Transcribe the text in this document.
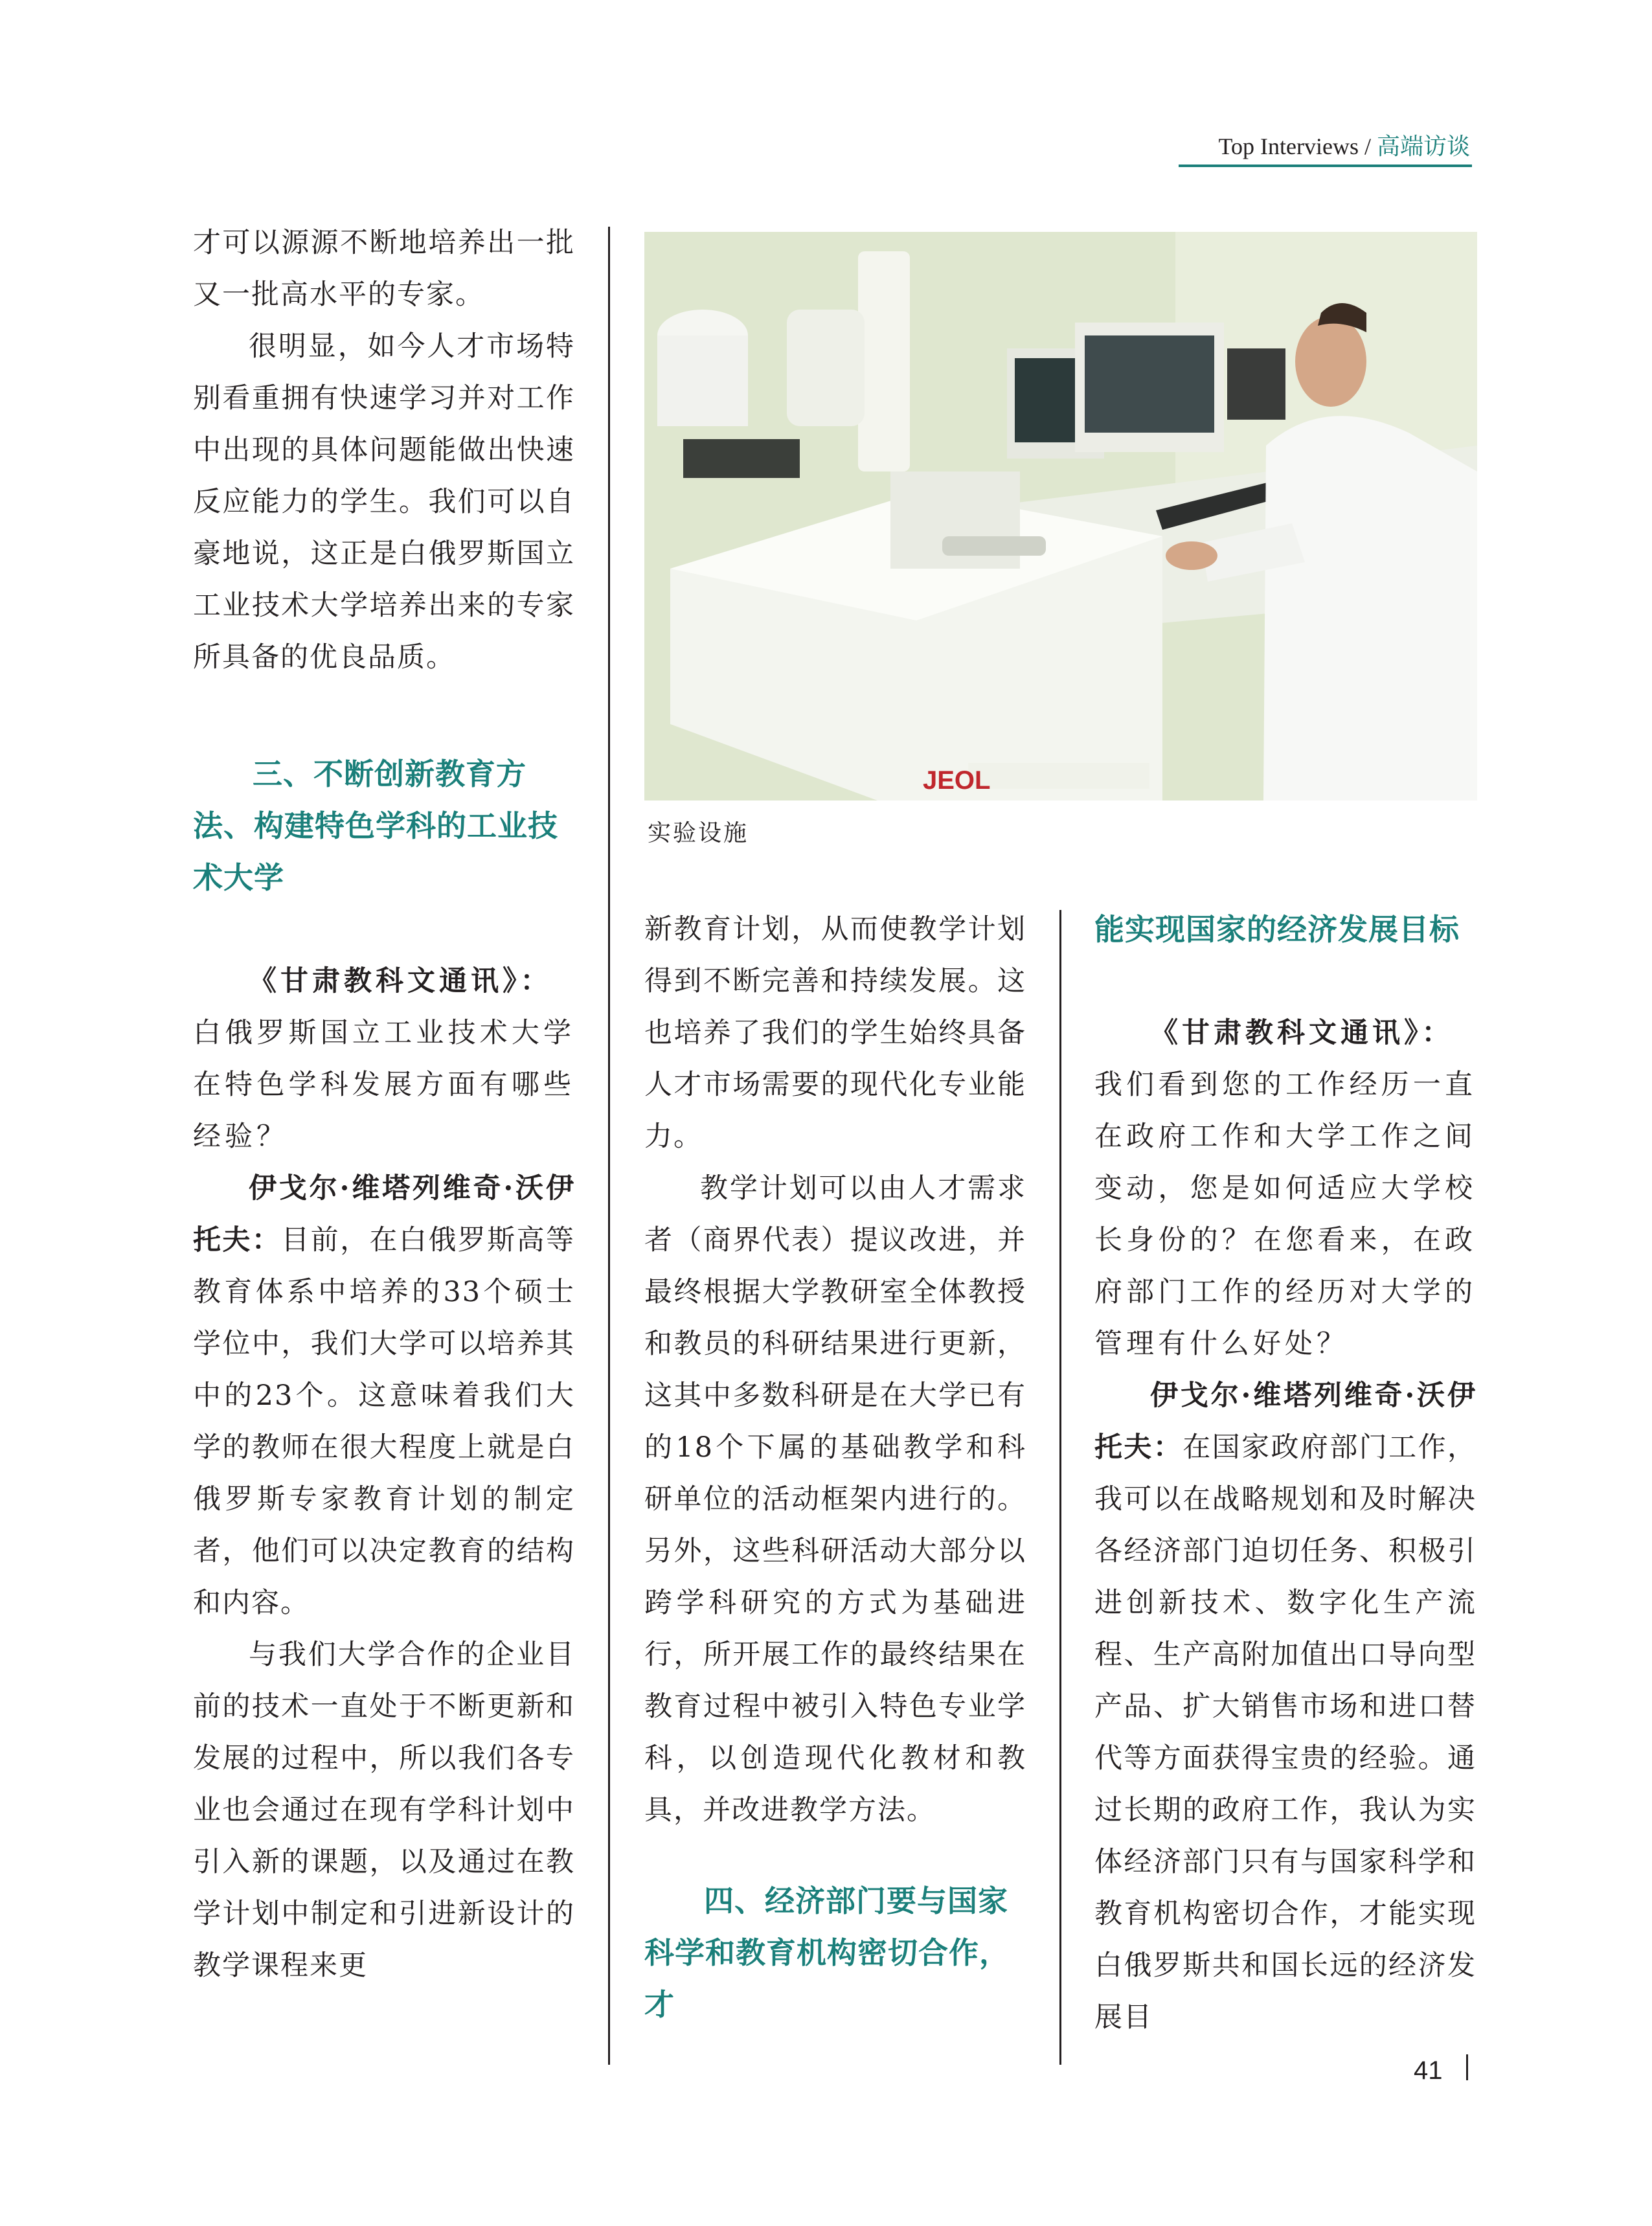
Top Interviews / 高端访谈
JEOL
实验设施

才可以源源不断地培养出一批又一批高水平的专家。

很明显，如今人才市场特别看重拥有快速学习并对工作中出现的具体问题能做出快速反应能力的学生。我们可以自豪地说，这正是白俄罗斯国立工业技术大学培养出来的专家所具备的优良品质。

三、不断创新教育方法、构建特色学科的工业技术大学

《甘肃教科文通讯》：
白俄罗斯国立工业技术大学在特色学科发展方面有哪些经验？

伊戈尔·维塔列维奇·沃伊托夫：目前，在白俄罗斯高等教育体系中培养的33个硕士学位中，我们大学可以培养其中的23个。这意味着我们大学的教师在很大程度上就是白俄罗斯专家教育计划的制定者，他们可以决定教育的结构和内容。

与我们大学合作的企业目前的技术一直处于不断更新和发展的过程中，所以我们各专业也会通过在现有学科计划中引入新的课题，以及通过在教学计划中制定和引进新设计的教学课程来更

新教育计划，从而使教学计划得到不断完善和持续发展。这也培养了我们的学生始终具备人才市场需要的现代化专业能力。

教学计划可以由人才需求者（商界代表）提议改进，并最终根据大学教研室全体教授和教员的科研结果进行更新，这其中多数科研是在大学已有的18个下属的基础教学和科研单位的活动框架内进行的。另外，这些科研活动大部分以跨学科研究的方式为基础进行，所开展工作的最终结果在教育过程中被引入特色专业学科，以创造现代化教材和教具，并改进教学方法。

四、经济部门要与国家科学和教育机构密切合作，才
能实现国家的经济发展目标

《甘肃教科文通讯》：
我们看到您的工作经历一直在政府工作和大学工作之间变动，您是如何适应大学校长身份的？在您看来，在政府部门工作的经历对大学的管理有什么好处？

伊戈尔·维塔列维奇·沃伊托夫：在国家政府部门工作，我可以在战略规划和及时解决各经济部门迫切任务、积极引进创新技术、数字化生产流程、生产高附加值出口导向型产品、扩大销售市场和进口替代等方面获得宝贵的经验。通过长期的政府工作，我认为实体经济部门只有与国家科学和教育机构密切合作，才能实现白俄罗斯共和国长远的经济发展目

41
